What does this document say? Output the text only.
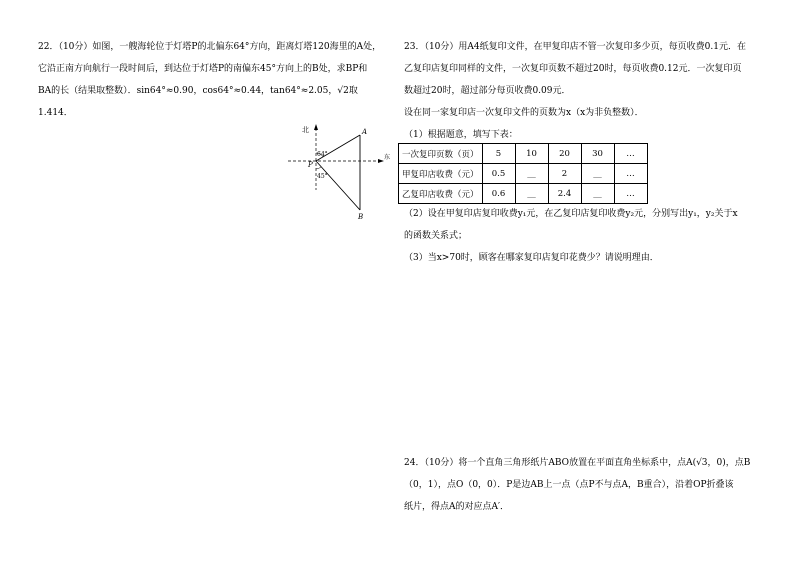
22．（10分）如图，一艘海轮位于灯塔P的北偏东64°方向，距离灯塔120海里的A处，

它沿正南方向航行一段时间后，到达位于灯塔P的南偏东45°方向上的B处，求BP和

BA的长（结果取整数）．sin64°≈0.90，cos64°≈0.44，tan64°≈2.05，√2取

1.414．

北
东
A
B
P
64°
45°

23．（10分）用A4纸复印文件，在甲复印店不管一次复印多少页，每页收费0.1元．在

乙复印店复印同样的文件，一次复印页数不超过20时，每页收费0.12元．一次复印页

数超过20时，超过部分每页收费0.09元．

设在同一家复印店一次复印文件的页数为x（x为非负整数）．

（1）根据题意，填写下表：

一次复印页数（页）	5	10	20	30	…
甲复印店收费（元）	0.5	__	2	__	…
乙复印店收费（元）	0.6	__	2.4	__	…

（2）设在甲复印店复印收费y₁元，在乙复印店复印收费y₂元，分别写出y₁，y₂关于x

的函数关系式；

（3）当x>70时，顾客在哪家复印店复印花费少？请说明理由．

24．（10分）将一个直角三角形纸片ABO放置在平面直角坐标系中，点A(√3，0)，点B

（0，1），点O（0，0）．P是边AB上一点（点P不与点A，B重合），沿着OP折叠该

纸片，得点A的对应点A′．
